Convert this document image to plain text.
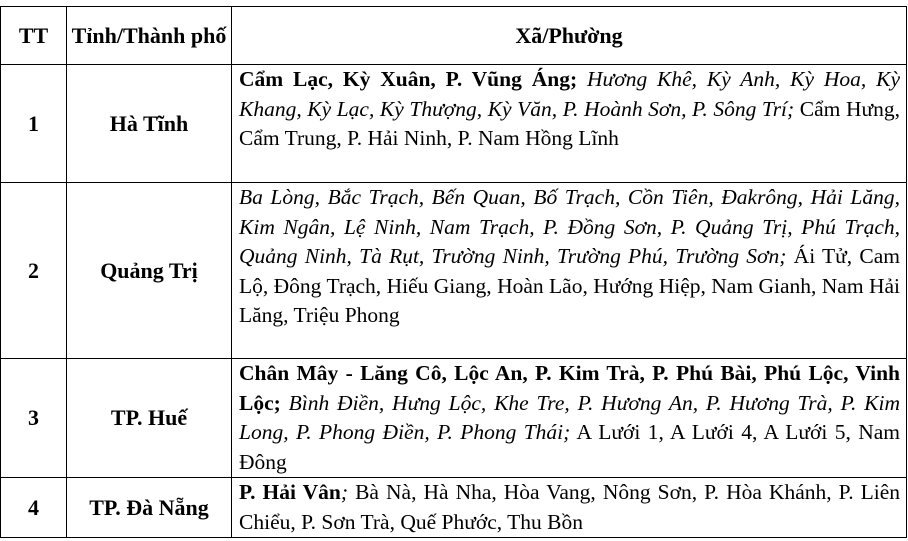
TT	Tỉnh/Thành phố	Xã/Phường
1	Hà Tĩnh	Cẩm Lạc, Kỳ Xuân, P. Vũng Áng; Hương Khê, Kỳ Anh, Kỳ Hoa, Kỳ Khang, Kỳ Lạc, Kỳ Thượng, Kỳ Văn, P. Hoành Sơn, P. Sông Trí; Cẩm Hưng, Cẩm Trung, P. Hải Ninh, P. Nam Hồng Lĩnh
2	Quảng Trị	Ba Lòng, Bắc Trạch, Bến Quan, Bố Trạch, Cồn Tiên, Đakrông, Hải Lăng, Kim Ngân, Lệ Ninh, Nam Trạch, P. Đồng Sơn, P. Quảng Trị, Phú Trạch, Quảng Ninh, Tà Rụt, Trường Ninh, Trường Phú, Trường Sơn; Ái Tử, Cam Lộ, Đông Trạch, Hiếu Giang, Hoàn Lão, Hướng Hiệp, Nam Gianh, Nam Hải Lăng, Triệu Phong
3	TP. Huế	Chân Mây - Lăng Cô, Lộc An, P. Kim Trà, P. Phú Bài, Phú Lộc, Vinh Lộc; Bình Điền, Hưng Lộc, Khe Tre, P. Hương An, P. Hương Trà, P. Kim Long, P. Phong Điền, P. Phong Thái; A Lưới 1, A Lưới 4, A Lưới 5, Nam Đông
4	TP. Đà Nẵng	P. Hải Vân; Bà Nà, Hà Nha, Hòa Vang, Nông Sơn, P. Hòa Khánh, P. Liên Chiểu, P. Sơn Trà, Quế Phước, Thu Bồn
